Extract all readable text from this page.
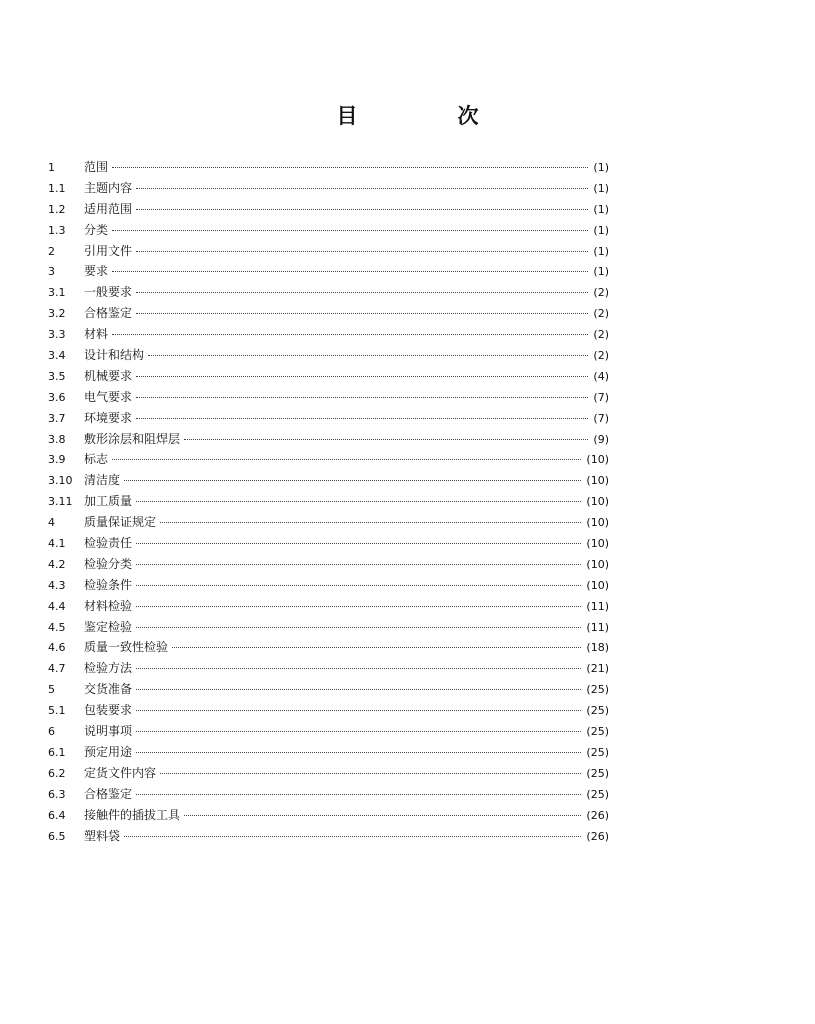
目	次
1	范围	(1)
1.1	主题内容	(1)
1.2	适用范围	(1)
1.3	分类	(1)
2	引用文件	(1)
3	要求	(1)
3.1	一般要求	(2)
3.2	合格鉴定	(2)
3.3	材料	(2)
3.4	设计和结构	(2)
3.5	机械要求	(4)
3.6	电气要求	(7)
3.7	环境要求	(7)
3.8	敷形涂层和阻焊层	(9)
3.9	标志	(10)
3.10 清洁度	(10)
3.11 加工质量	(10)
4	质量保证规定	(10)
4.1	检验责任	(10)
4.2	检验分类	(10)
4.3	检验条件	(10)
4.4	材料检验	(11)
4.5	鉴定检验	(11)
4.6	质量一致性检验	(18)
4.7	检验方法	(21)
5	交货准备	(25)
5.1	包装要求	(25)
6	说明事项	(25)
6.1	预定用途	(25)
6.2	定货文件内容	(25)
6.3	合格鉴定	(25)
6.4	接触件的插拔工具	(26)
6.5	塑料袋	(26)
